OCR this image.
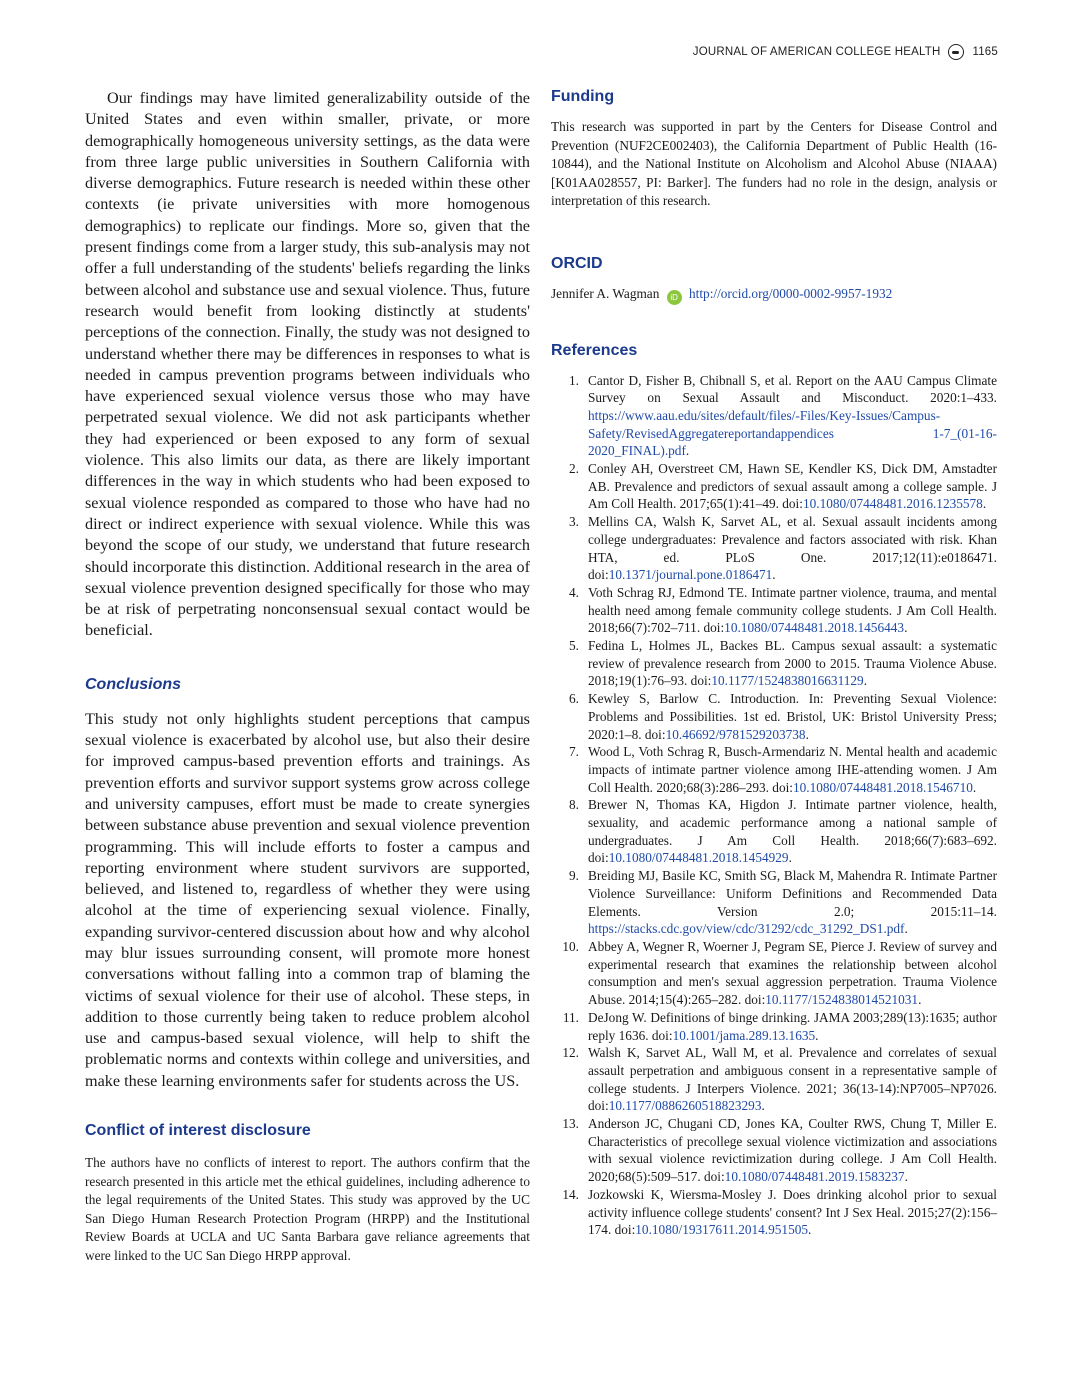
JOURNAL OF AMERICAN COLLEGE HEALTH	1165

Our findings may have limited generalizability outside of the United States and even within smaller, private, or more demographically homogeneous university settings, as the data were from three large public universities in Southern California with diverse demographics. Future research is needed within these other contexts (ie private universities with more homogenous demographics) to replicate our findings. More so, given that the present findings come from a larger study, this sub-analysis may not offer a full understanding of the students' beliefs regarding the links between alcohol and substance use and sexual violence. Thus, future research would benefit from looking distinctly at students' perceptions of the connection. Finally, the study was not designed to understand whether there may be differences in responses to what is needed in campus prevention programs between individuals who have experienced sexual violence versus those who may have perpetrated sexual violence. We did not ask participants whether they had experienced or been exposed to any form of sexual violence. This also limits our data, as there are likely important differences in the way in which students who had been exposed to sexual violence responded as compared to those who have had no direct or indirect experience with sexual violence. While this was beyond the scope of our study, we understand that future research should incorporate this distinction. Additional research in the area of sexual violence prevention designed specifically for those who may be at risk of perpetrating nonconsensual sexual contact would be beneficial.

Conclusions

This study not only highlights student perceptions that campus sexual violence is exacerbated by alcohol use, but also their desire for improved campus-based prevention efforts and trainings. As prevention efforts and survivor support systems grow across college and university campuses, effort must be made to create synergies between substance abuse prevention and sexual violence prevention programming. This will include efforts to foster a campus and reporting environment where student survivors are supported, believed, and listened to, regardless of whether they were using alcohol at the time of experiencing sexual violence. Finally, expanding survivor-centered discussion about how and why alcohol may blur issues surrounding consent, will promote more honest conversations without falling into a common trap of blaming the victims of sexual violence for their use of alcohol. These steps, in addition to those currently being taken to reduce problem alcohol use and campus-based sexual violence, will help to shift the problematic norms and contexts within college and universities, and make these learning environments safer for students across the US.

Conflict of interest disclosure

The authors have no conflicts of interest to report. The authors confirm that the research presented in this article met the ethical guidelines, including adherence to the legal requirements of the United States. This study was approved by the UC San Diego Human Research Protection Program (HRPP) and the Institutional Review Boards at UCLA and UC Santa Barbara gave reliance agreements that were linked to the UC San Diego HRPP approval.

Funding

This research was supported in part by the Centers for Disease Control and Prevention (NUF2CE002403), the California Department of Public Health (16-10844), and the National Institute on Alcoholism and Alcohol Abuse (NIAAA) [K01AA028557, PI: Barker]. The funders had no role in the design, analysis or interpretation of this research.

ORCID

Jennifer A. Wagman iD http://orcid.org/0000-0002-9957-1932

References
1. Cantor D, Fisher B, Chibnall S, et al. Report on the AAU Campus Climate Survey on Sexual Assault and Misconduct. 2020:1–433. https://www.aau.edu/sites/default/files/-Files/Key-Issues/Campus-Safety/RevisedAggregatereportandappendices 1-7_(01-16-2020_FINAL).pdf.
2. Conley AH, Overstreet CM, Hawn SE, Kendler KS, Dick DM, Amstadter AB. Prevalence and predictors of sexual assault among a college sample. J Am Coll Health. 2017;65(1):41–49. doi:10.1080/07448481.2016.1235578.
3. Mellins CA, Walsh K, Sarvet AL, et al. Sexual assault incidents among college undergraduates: Prevalence and factors associated with risk. Khan HTA, ed. PLoS One. 2017;12(11):e0186471. doi:10.1371/journal.pone.0186471.
4. Voth Schrag RJ, Edmond TE. Intimate partner violence, trauma, and mental health need among female community college students. J Am Coll Health. 2018;66(7):702–711. doi:10.1080/07448481.2018.1456443.
5. Fedina L, Holmes JL, Backes BL. Campus sexual assault: a systematic review of prevalence research from 2000 to 2015. Trauma Violence Abuse. 2018;19(1):76–93. doi:10.1177/1524838016631129.
6. Kewley S, Barlow C. Introduction. In: Preventing Sexual Violence: Problems and Possibilities. 1st ed. Bristol, UK: Bristol University Press; 2020:1–8. doi:10.46692/9781529203738.
7. Wood L, Voth Schrag R, Busch-Armendariz N. Mental health and academic impacts of intimate partner violence among IHE-attending women. J Am Coll Health. 2020;68(3):286–293. doi:10.1080/07448481.2018.1546710.
8. Brewer N, Thomas KA, Higdon J. Intimate partner violence, health, sexuality, and academic performance among a national sample of undergraduates. J Am Coll Health. 2018;66(7):683–692. doi:10.1080/07448481.2018.1454929.
9. Breiding MJ, Basile KC, Smith SG, Black M, Mahendra R. Intimate Partner Violence Surveillance: Uniform Definitions and Recommended Data Elements. Version 2.0; 2015:11–14. https://stacks.cdc.gov/view/cdc/31292/cdc_31292_DS1.pdf.
10. Abbey A, Wegner R, Woerner J, Pegram SE, Pierce J. Review of survey and experimental research that examines the relationship between alcohol consumption and men's sexual aggression perpetration. Trauma Violence Abuse. 2014;15(4):265–282. doi:10.1177/1524838014521031.
11. DeJong W. Definitions of binge drinking. JAMA 2003;289(13):1635; author reply 1636. doi:10.1001/jama.289.13.1635.
12. Walsh K, Sarvet AL, Wall M, et al. Prevalence and correlates of sexual assault perpetration and ambiguous consent in a representative sample of college students. J Interpers Violence. 2021; 36(13-14):NP7005–NP7026. doi:10.1177/0886260518823293.
13. Anderson JC, Chugani CD, Jones KA, Coulter RWS, Chung T, Miller E. Characteristics of precollege sexual violence victimization and associations with sexual violence revictimization during college. J Am Coll Health. 2020;68(5):509–517. doi:10.1080/07448481.2019.1583237.
14. Jozkowski K, Wiersma-Mosley J. Does drinking alcohol prior to sexual activity influence college students' consent? Int J Sex Heal. 2015;27(2):156–174. doi:10.1080/19317611.2014.951505.
